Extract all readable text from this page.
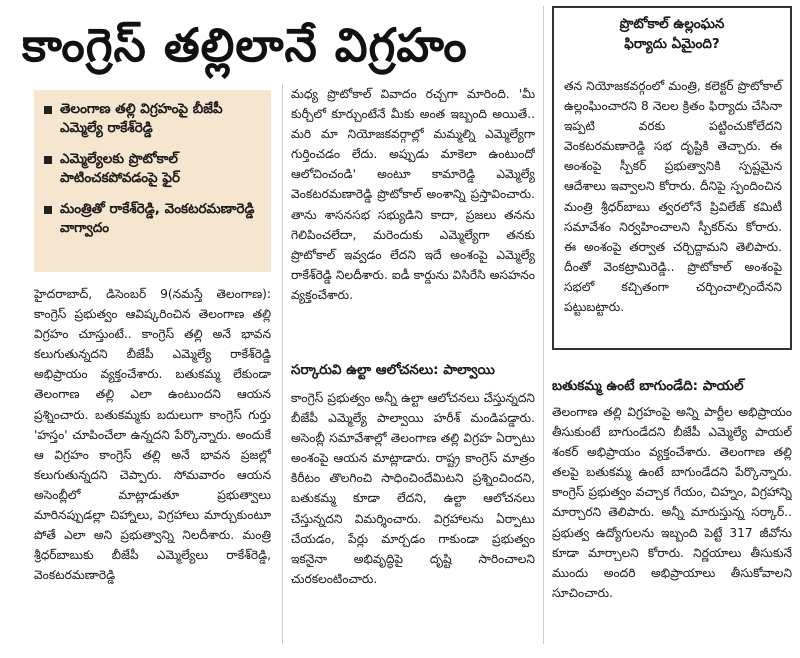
కాంగ్రెస్ తల్లిలానే విగ్రహం
తెలంగాణ తల్లి విగ్రహంపై బీజేపీ ఎమ్మెల్యే రాకేశ్‌రెడ్డి
ఎమ్మెల్యేలకు ప్రొటోకాల్ పాటించకపోవడంపై ఫైర్
మంత్రితో రాకేశ్‌రెడ్డి, వెంకటరమణారెడ్డి వాగ్వాదం

హైదరాబాద్, డిసెంబర్ 9(నమస్తే తెలంగాణ): కాంగ్రెస్ ప్రభుత్వం ఆవిష్కరించిన తెలంగాణ తల్లి విగ్రహం చూస్తుంటే.. కాంగ్రెస్ తల్లి అనే భావన కలుగుతున్నదని బీజేపీ ఎమ్మెల్యే రాకేశ్‌రెడ్డి అభిప్రాయం వ్యక్తంచేశారు. బతుకమ్మ లేకుండా తెలంగాణ తల్లి ఎలా ఉంటుందని ఆయన ప్రశ్నించారు. బతుకమ్మకు బదులుగా కాంగ్రెస్ గుర్తు 'హస్తం' చూపించేలా ఉన్నదని పేర్కొన్నారు. అందుకే ఆ విగ్రహం కాంగ్రెస్ తల్లి అనే భావన ప్రజల్లో కలుగుతున్నదని చెప్పారు. సోమవారం ఆయన అసెంబ్లీలో మాట్లాడుతూ ప్రభుత్వాలు మారినప్పుడల్లా చిహ్నాలు, విగ్రహాలు మార్చుకుంటూ పోతే ఎలా అని ప్రభుత్వాన్ని నిలదీశారు. మంత్రి శ్రీధర్‌బాబుకు బీజేపీ ఎమ్మెల్యేలు రాకేశ్‌రెడ్డి, వెంకటరమణారెడ్డి

మధ్య ప్రొటోకాల్ వివాదం రచ్చగా మారింది. 'మీ కుర్చీలో కూర్చుంటేనే మీకు అంత ఇబ్బంది అయితే.. మరి మా నియోజకవర్గాల్లో మమ్మల్ని ఎమ్మెల్యేగా గుర్తించడం లేదు. అప్పుడు మాకెలా ఉంటుందో ఆలోచించండి' అంటూ కామారెడ్డి ఎమ్మెల్యే వెంకటరమణారెడ్డి ప్రొటోకాల్ అంశాన్ని ప్రస్తావించారు. తాను శాసనసభ సభ్యుడిని కాదా, ప్రజలు తనను గెలిపించలేదా, మరెందుకు ఎమ్మెల్యేగా తనకు ప్రొటోకాల్ ఇవ్వడం లేదని ఇదే అంశంపై ఎమ్మెల్యే రాకేశ్‌రెడ్డి నిలదీశారు. ఐడీ కార్డును విసిరేసి అసహనం వ్యక్తంచేశారు.

సర్కారువి ఉల్టా ఆలోచనలు: పాల్వాయి

కాంగ్రెస్ ప్రభుత్వం అన్నీ ఉల్టా ఆలోచనలు చేస్తున్నదని బీజేపీ ఎమ్మెల్యే పాల్వాయి హరీశ్ మండిపడ్డారు. అసెంబ్లీ సమావేశాల్లో తెలంగాణ తల్లి విగ్రహ ఏర్పాటు అంశంపై ఆయన మాట్లాడారు. రాష్ట్ర కాంగ్రెస్ మాత్రం కిరీటం తొలగించి సాధించిందేమిటని ప్రశ్నించిందని, బతుకమ్మ కూడా లేదని, ఉల్టా ఆలోచనలు చేస్తున్నదని విమర్శించారు. విగ్రహాలను ఏర్పాటు చేయడం, పేర్లు మార్చడం గాకుండా ప్రభుత్వం ఇకనైనా అభివృద్ధిపై దృష్టి సారించాలని చురకలంటించారు.

ప్రొటోకాల్ ఉల్లంఘన
ఫిర్యాదు ఏమైంది?
తన నియోజకవర్గంలో మంత్రి, కలెక్టర్ ప్రొటోకాల్ ఉల్లంఘించారని 8 నెలల క్రితం ఫిర్యాదు చేసినా ఇప్పటి వరకు పట్టించుకోలేదని వెంకటరమణారెడ్డి సభ దృష్టికి తెచ్చారు. ఈ అంశంపై స్పీకర్ ప్రభుత్వానికి స్పష్టమైన ఆదేశాలు ఇవ్వాలని కోరారు. దీనిపై స్పందించిన మంత్రి శ్రీధర్‌బాబు త్వరలోనే ప్రివిలేజ్ కమిటీ సమావేశం నిర్వహించాలని స్పీకర్‌ను కోరారు. ఈ అంశంపై తర్వాత చర్చిద్దామని తెలిపారు. దీంతో వెంకట్రామిరెడ్డి.. ప్రొటోకాల్ అంశంపై సభలో కచ్చితంగా చర్చించాల్సిందేనని పట్టుబట్టారు.
బతుకమ్మ ఉంటే బాగుండేది: పాయల్

తెలంగాణ తల్లి విగ్రహంపై అన్ని పార్టీల అభిప్రాయం తీసుకుంటే బాగుండేదని బీజేపీ ఎమ్మెల్యే పాయల్ శంకర్ అభిప్రాయం వ్యక్తంచేశారు. తెలంగాణ తల్లి తలపై బతుకమ్మ ఉంటే బాగుండేదని పేర్కొన్నారు. కాంగ్రెస్ ప్రభుత్వం వచ్చాక గేయం, చిహ్నం, విగ్రహాన్ని మార్చారని తెలిపారు. అన్నీ మారుస్తున్న సర్కార్.. ప్రభుత్వ ఉద్యోగులను ఇబ్బంది పెట్టే 317 జీవోను కూడా మార్చాలని కోరారు. నిర్ణయాలు తీసుకునే ముందు అందరి అభిప్రాయాలు తీసుకోవాలని సూచించారు.
